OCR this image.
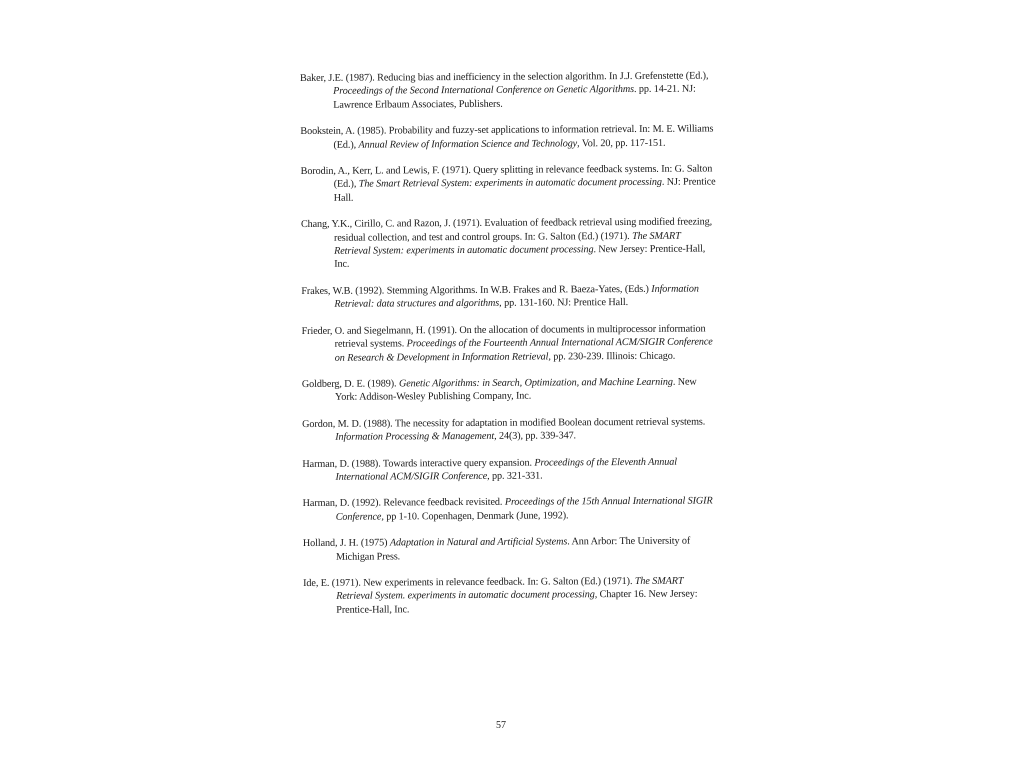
Baker, J.E. (1987). Reducing bias and inefficiency in the selection algorithm. In J.J. Grefenstette (Ed.), Proceedings of the Second International Conference on Genetic Algorithms. pp. 14-21. NJ: Lawrence Erlbaum Associates, Publishers.

Bookstein, A. (1985). Probability and fuzzy-set applications to information retrieval. In: M. E. Williams (Ed.), Annual Review of Information Science and Technology, Vol. 20, pp. 117-151.

Borodin, A., Kerr, L. and Lewis, F. (1971). Query splitting in relevance feedback systems. In: G. Salton (Ed.), The Smart Retrieval System: experiments in automatic document processing. NJ: Prentice Hall.

Chang, Y.K., Cirillo, C. and Razon, J. (1971). Evaluation of feedback retrieval using modified freezing, residual collection, and test and control groups. In: G. Salton (Ed.) (1971). The SMART Retrieval System: experiments in automatic document processing. New Jersey: Prentice-Hall, Inc.

Frakes, W.B. (1992). Stemming Algorithms. In W.B. Frakes and R. Baeza-Yates, (Eds.) Information Retrieval: data structures and algorithms, pp. 131-160. NJ: Prentice Hall.

Frieder, O. and Siegelmann, H. (1991). On the allocation of documents in multiprocessor information retrieval systems. Proceedings of the Fourteenth Annual International ACM/SIGIR Conference on Research & Development in Information Retrieval, pp. 230-239. Illinois: Chicago.

Goldberg, D. E. (1989). Genetic Algorithms: in Search, Optimization, and Machine Learning. New York: Addison-Wesley Publishing Company, Inc.

Gordon, M. D. (1988). The necessity for adaptation in modified Boolean document retrieval systems. Information Processing & Management, 24(3), pp. 339-347.

Harman, D. (1988). Towards interactive query expansion. Proceedings of the Eleventh Annual International ACM/SIGIR Conference, pp. 321-331.

Harman, D. (1992). Relevance feedback revisited. Proceedings of the 15th Annual International SIGIR Conference, pp 1-10. Copenhagen, Denmark (June, 1992).

Holland, J. H. (1975) Adaptation in Natural and Artificial Systems. Ann Arbor: The University of Michigan Press.

Ide, E. (1971). New experiments in relevance feedback. In: G. Salton (Ed.) (1971). The SMART Retrieval System. experiments in automatic document processing, Chapter 16. New Jersey: Prentice-Hall, Inc.

57
